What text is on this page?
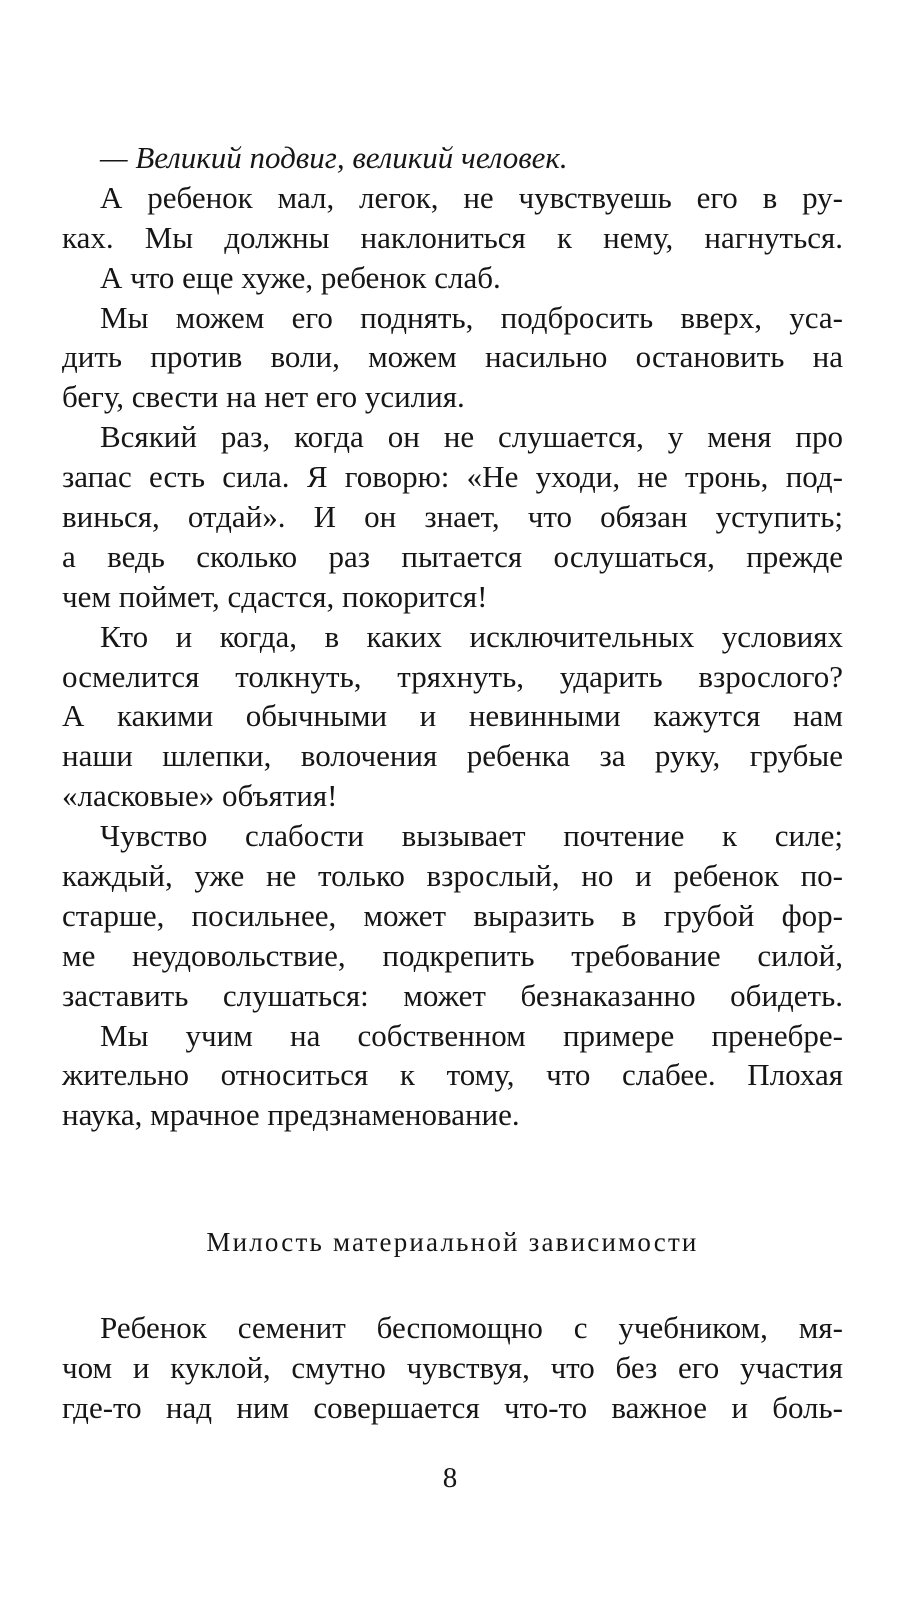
— Великий подвиг, великий человек.
А ребенок мал, легок, не чувствуешь его в ру-
ках. Мы должны наклониться к нему, нагнуться.
А что еще хуже, ребенок слаб.
Мы можем его поднять, подбросить вверх, уса-
дить против воли, можем насильно остановить на
бегу, свести на нет его усилия.
Всякий раз, когда он не слушается, у меня про
запас есть сила. Я говорю: «Не уходи, не тронь, под-
винься, отдай». И он знает, что обязан уступить;
а ведь сколько раз пытается ослушаться, прежде
чем поймет, сдастся, покорится!
Кто и когда, в каких исключительных условиях
осмелится толкнуть, тряхнуть, ударить взрослого?
А какими обычными и невинными кажутся нам
наши шлепки, волочения ребенка за руку, грубые
«ласковые» объятия!
Чувство слабости вызывает почтение к силе;
каждый, уже не только взрослый, но и ребенок по-
старше, посильнее, может выразить в грубой фор-
ме неудовольствие, подкрепить требование силой,
заставить слушаться: может безнаказанно обидеть.
Мы учим на собственном примере пренебре-
жительно относиться к тому, что слабее. Плохая
наука, мрачное предзнаменование.
Милость материальной зависимости
Ребенок семенит беспомощно с учебником, мя-
чом и куклой, смутно чувствуя, что без его участия
где-то над ним совершается что-то важное и боль-
8
